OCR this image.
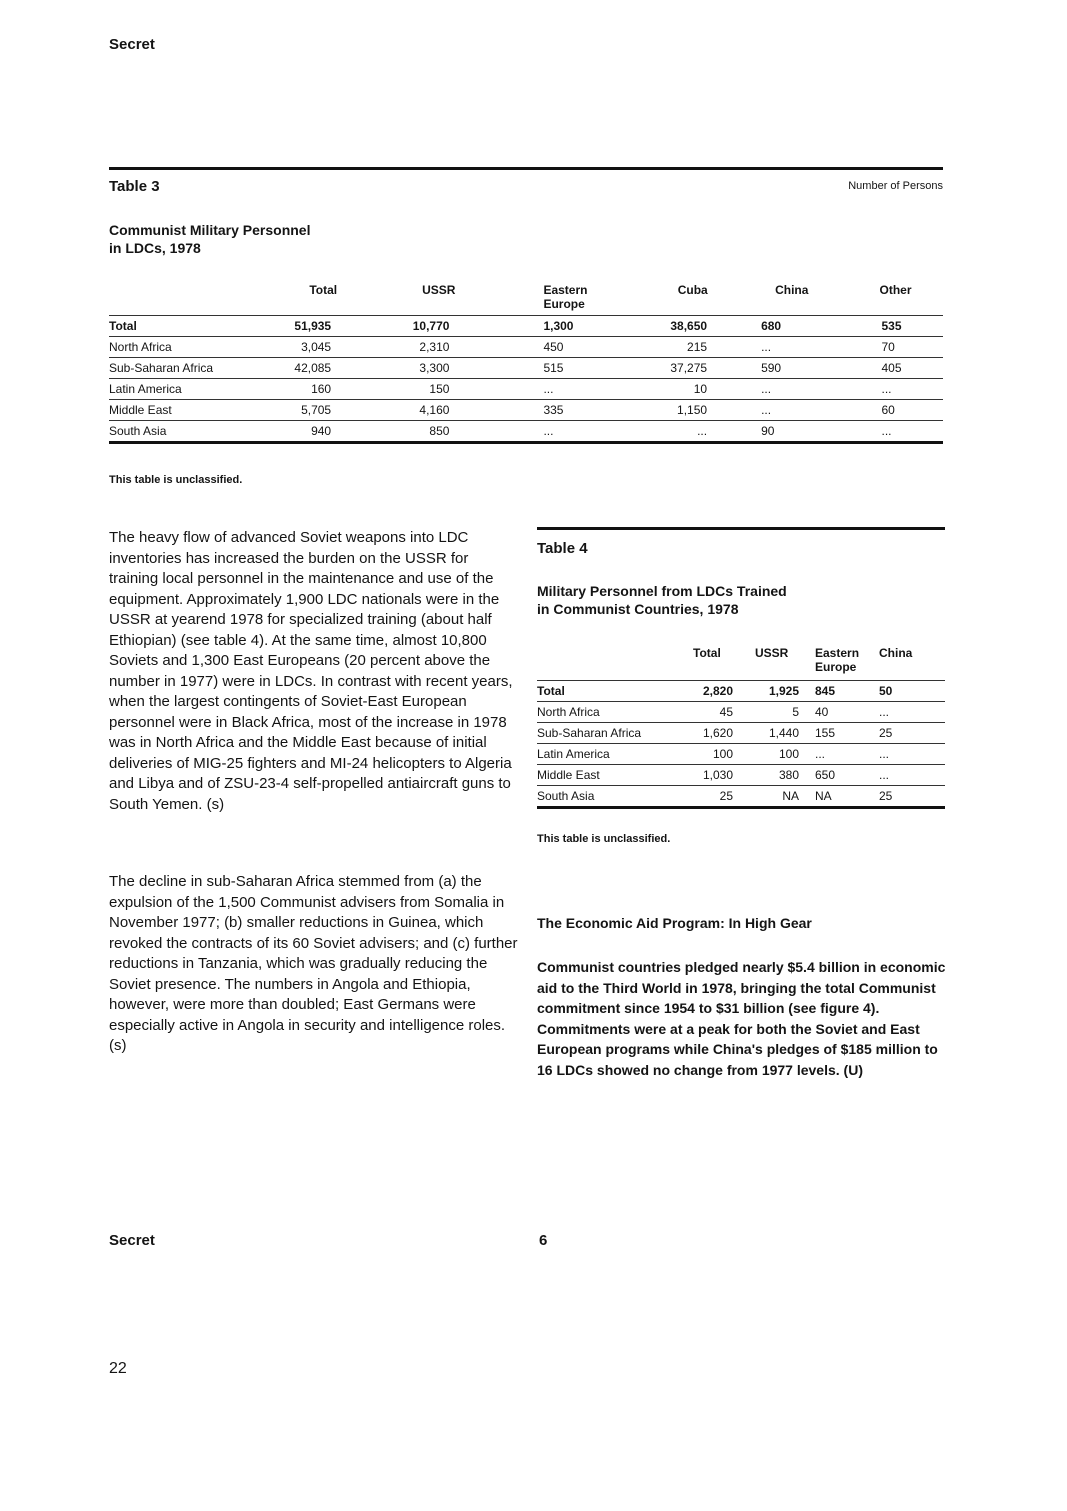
Secret
Table 3	Number of Persons
Communist Military Personnel
in LDCs, 1978
	Total	USSR	Eastern Europe	Cuba	China	Other
Total	51,935	10,770	1,300	38,650	680	535
North Africa	3,045	2,310	450	215	...	70
Sub-Saharan Africa	42,085	3,300	515	37,275	590	405
Latin America	160	150	...	10	...	...
Middle East	5,705	4,160	335	1,150	...	60
South Asia	940	850	...	...	90	...
This table is unclassified.
The heavy flow of advanced Soviet weapons into LDC inventories has increased the burden on the USSR for training local personnel in the maintenance and use of the equipment. Approximately 1,900 LDC nationals were in the USSR at yearend 1978 for specialized training (about half Ethiopian) (see table 4). At the same time, almost 10,800 Soviets and 1,300 East Europeans (20 percent above the number in 1977) were in LDCs. In contrast with recent years, when the largest contingents of Soviet-East European personnel were in Black Africa, most of the increase in 1978 was in North Africa and the Middle East because of initial deliveries of MIG-25 fighters and MI-24 helicopters to Algeria and Libya and of ZSU-23-4 self-propelled antiaircraft guns to South Yemen. (s)
The decline in sub-Saharan Africa stemmed from (a) the expulsion of the 1,500 Communist advisers from Somalia in November 1977; (b) smaller reductions in Guinea, which revoked the contracts of its 60 Soviet advisers; and (c) further reductions in Tanzania, which was gradually reducing the Soviet presence. The numbers in Angola and Ethiopia, however, were more than doubled; East Germans were especially active in Angola in security and intelligence roles.(s)
Table 4
Military Personnel from LDCs Trained
in Communist Countries, 1978
	Total	USSR	Eastern Europe	China
Total	2,820	1,925	845	50
North Africa	45	5	40	...
Sub-Saharan Africa	1,620	1,440	155	25
Latin America	100	100	...	...
Middle East	1,030	380	650	...
South Asia	25	NA	NA	25
This table is unclassified.
The Economic Aid Program: In High Gear
Communist countries pledged nearly $5.4 billion in economic aid to the Third World in 1978, bringing the total Communist commitment since 1954 to $31 billion (see figure 4). Commitments were at a peak for both the Soviet and East European programs while China's pledges of $185 million to 16 LDCs showed no change from 1977 levels. (U)
Secret	6
22
